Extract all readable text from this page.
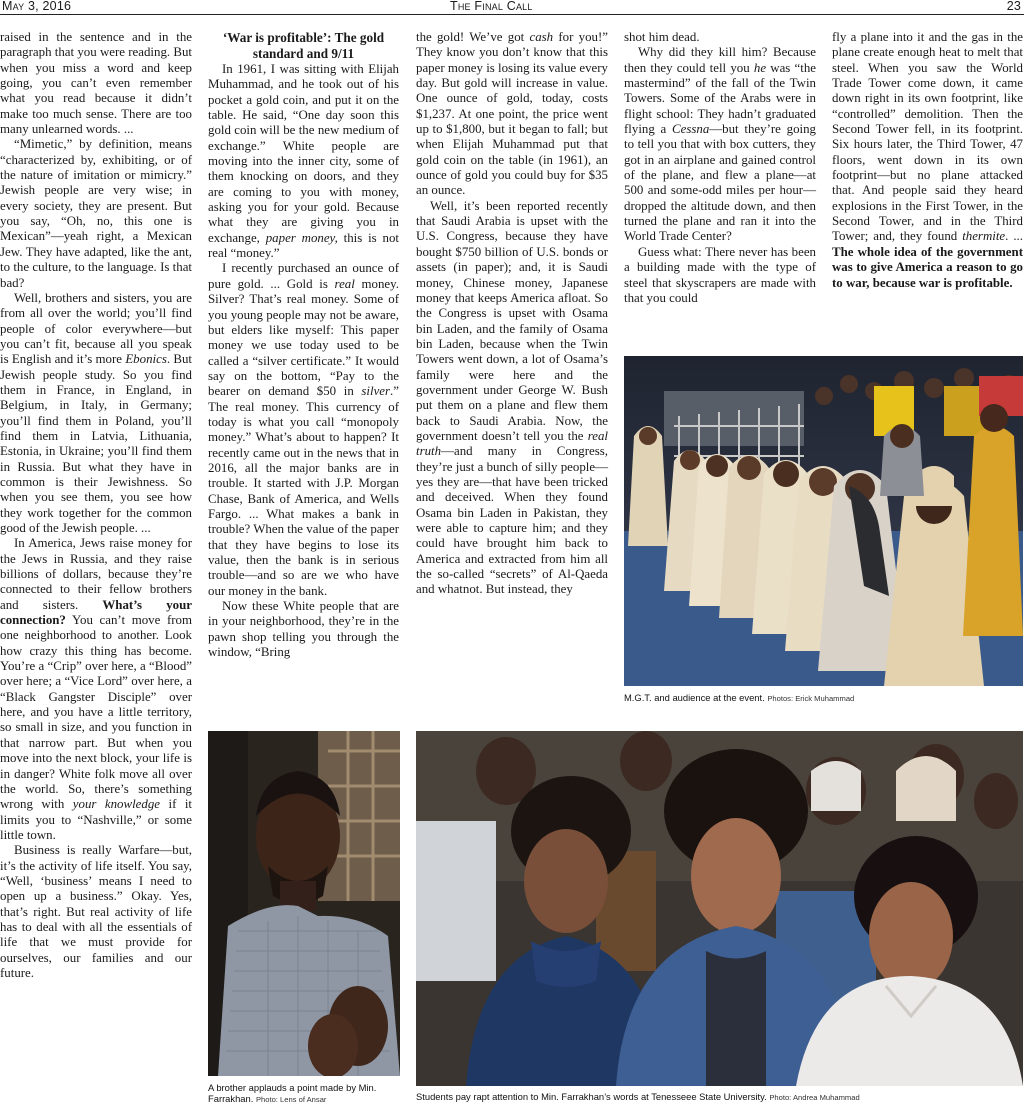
May 3, 2016	The Final Call	23

raised in the sentence and in the paragraph that you were reading. But when you miss a word and keep going, you can’t even remember what you read because it didn’t make too much sense. There are too many unlearned words. ...

“Mimetic,” by definition, means “characterized by, exhibiting, or of the nature of imitation or mimicry.” Jewish people are very wise; in every society, they are present. But you say, “Oh, no, this one is Mexican”—yeah right, a Mexican Jew. They have adapted, like the ant, to the culture, to the language. Is that bad?

Well, brothers and sisters, you are from all over the world; you’ll find people of color everywhere—but you can’t fit, because all you speak is English and it’s more Ebonics. But Jewish people study. So you find them in France, in England, in Belgium, in Italy, in Germany; you’ll find them in Poland, you’ll find them in Latvia, Lithuania, Estonia, in Ukraine; you’ll find them in Russia. But what they have in common is their Jewishness. So when you see them, you see how they work together for the common good of the Jewish people. ...

In America, Jews raise money for the Jews in Russia, and they raise billions of dollars, because they’re connected to their fellow brothers and sisters. What’s your connection? You can’t move from one neighborhood to another. Look how crazy this thing has become. You’re a “Crip” over here, a “Blood” over here; a “Vice Lord” over here, a “Black Gangster Disciple” over here, and you have a little territory, so small in size, and you function in that narrow part. But when you move into the next block, your life is in danger? White folk move all over the world. So, there’s something wrong with your knowledge if it limits you to “Nashville,” or some little town.

Business is really Warfare—but, it’s the activity of life itself. You say, “Well, ‘business’ means I need to open up a business.” Okay. Yes, that’s right. But real activity of life has to deal with all the essentials of life that we must provide for ourselves, our families and our future.

‘War is profitable’: The gold standard and 9/11

In 1961, I was sitting with Elijah Muhammad, and he took out of his pocket a gold coin, and put it on the table. He said, “One day soon this gold coin will be the new medium of exchange.” White people are moving into the inner city, some of them knocking on doors, and they are coming to you with money, asking you for your gold. Because what they are giving you in exchange, paper money, this is not real “money.”

I recently purchased an ounce of pure gold. ... Gold is real money. Silver? That’s real money. Some of you young people may not be aware, but elders like myself: This paper money we use today used to be called a “silver certificate.” It would say on the bottom, “Pay to the bearer on demand $50 in silver.” The real money. This currency of today is what you call “monopoly money.” What’s about to happen? It recently came out in the news that in 2016, all the major banks are in trouble. It started with J.P. Morgan Chase, Bank of America, and Wells Fargo. ... What makes a bank in trouble? When the value of the paper that they have begins to lose its value, then the bank is in serious trouble—and so are we who have our money in the bank.

Now these White people that are in your neighborhood, they’re in the pawn shop telling you through the window, “Bring

the gold! We’ve got cash for you!” They know you don’t know that this paper money is losing its value every day. But gold will increase in value. One ounce of gold, today, costs $1,237. At one point, the price went up to $1,800, but it began to fall; but when Elijah Muhammad put that gold coin on the table (in 1961), an ounce of gold you could buy for $35 an ounce.

Well, it’s been reported recently that Saudi Arabia is upset with the U.S. Congress, because they have bought $750 billion of U.S. bonds or assets (in paper); and, it is Saudi money, Chinese money, Japanese money that keeps America afloat. So the Congress is upset with Osama bin Laden, and the family of Osama bin Laden, because when the Twin Towers went down, a lot of Osama’s family were here and the government under George W. Bush put them on a plane and flew them back to Saudi Arabia. Now, the government doesn’t tell you the real truth—and many in Congress, they’re just a bunch of silly people—yes they are—that have been tricked and deceived. When they found Osama bin Laden in Pakistan, they were able to capture him; and they could have brought him back to America and extracted from him all the so-called “secrets” of Al-Qaeda and whatnot. But instead, they

shot him dead.

Why did they kill him? Because then they could tell you he was “the mastermind” of the fall of the Twin Towers. Some of the Arabs were in flight school: They hadn’t graduated flying a Cessna—but they’re going to tell you that with box cutters, they got in an airplane and gained control of the plane, and flew a plane—at 500 and some-odd miles per hour—dropped the altitude down, and then turned the plane and ran it into the World Trade Center?

Guess what: There never has been a building made with the type of steel that skyscrapers are made with that you could

fly a plane into it and the gas in the plane create enough heat to melt that steel. When you saw the World Trade Tower come down, it came down right in its own footprint, like “controlled” demolition. Then the Second Tower fell, in its footprint. Six hours later, the Third Tower, 47 floors, went down in its own footprint—but no plane attacked that. And people said they heard explosions in the First Tower, in the Second Tower, and in the Third Tower; and, they found thermite. ... The whole idea of the government was to give America a reason to go to war, because war is profitable.

M.G.T. and audience at the event. Photos: Erick Muhammad
A brother applauds a point made by Min. Farrakhan. Photo: Lens of Ansar	Students pay rapt attention to Min. Farrakhan’s words at Tenesseee State University. Photo: Andrea Muhammad
